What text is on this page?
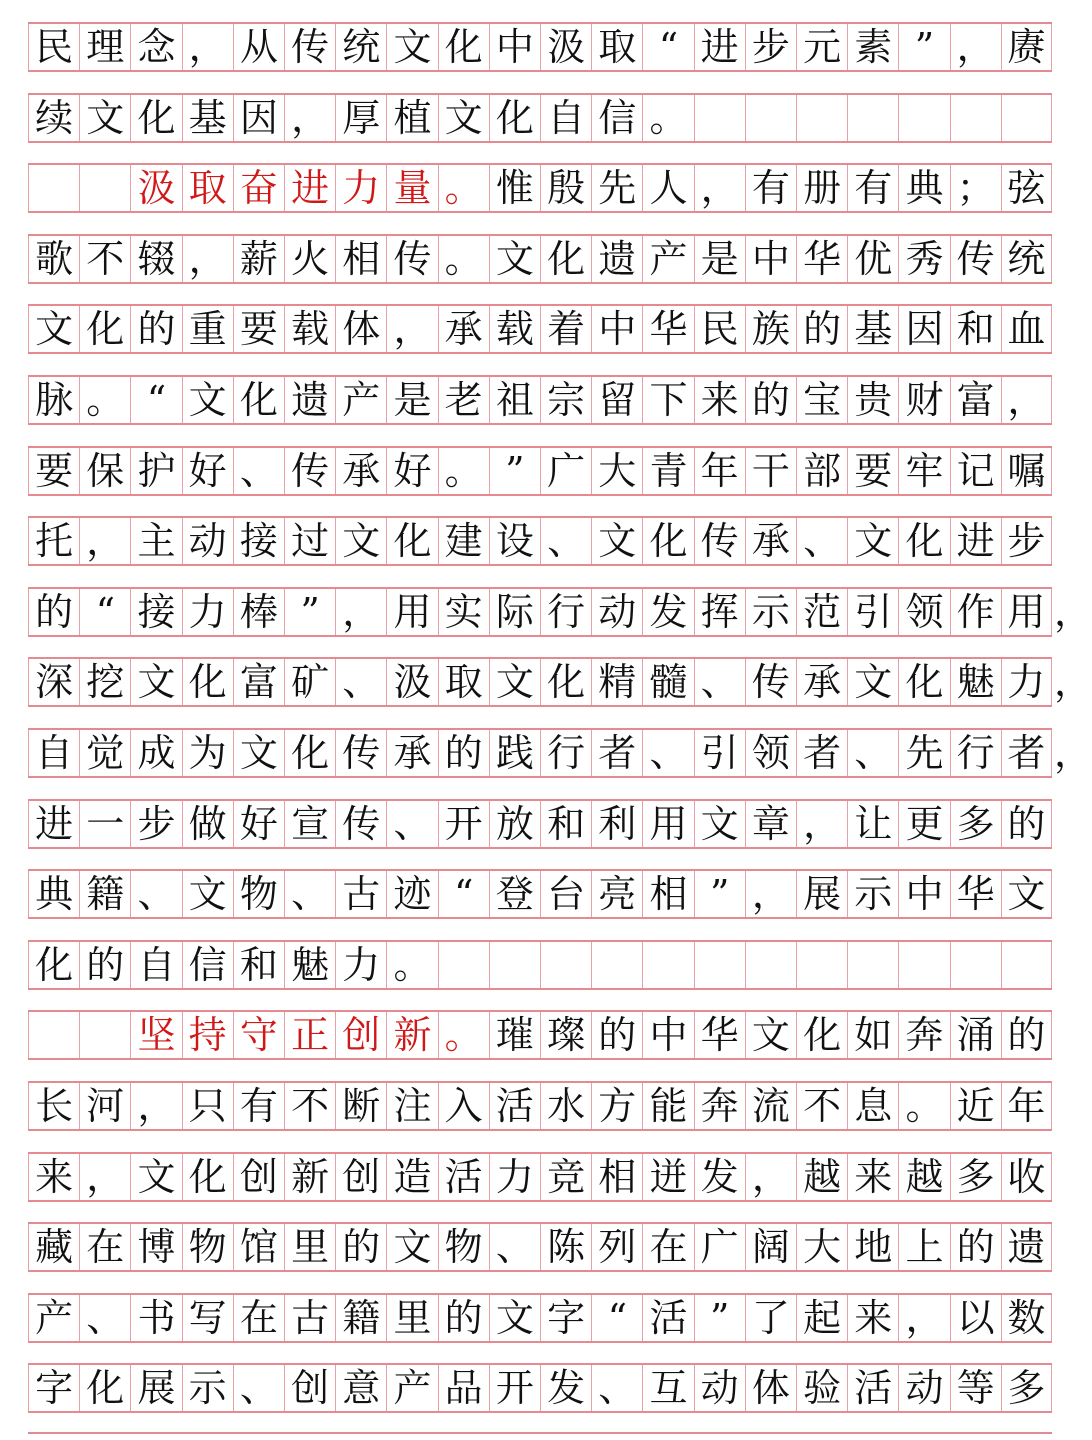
民 理 念 ， 从 传 统 文 化 中 汲 取 “ 进 步 元 素 ” ， 赓
续 文 化 基 因 ， 厚 植 文 化 自 信 。
汲 取 奋 进 力 量 。 惟 殷 先 人 ， 有 册 有 典 ； 弦
歌 不 辍 ， 薪 火 相 传 。 文 化 遗 产 是 中 华 优 秀 传 统
文 化 的 重 要 载 体 ， 承 载 着 中 华 民 族 的 基 因 和 血
脉 。 “ 文 化 遗 产 是 老 祖 宗 留 下 来 的 宝 贵 财 富 ，
要 保 护 好 、 传 承 好 。 ” 广 大 青 年 干 部 要 牢 记 嘱
托 ， 主 动 接 过 文 化 建 设 、 文 化 传 承 、 文 化 进 步
的 “ 接 力 棒 ” ， 用 实 际 行 动 发 挥 示 范 引 领 作 用 ，
深 挖 文 化 富 矿 、 汲 取 文 化 精 髓 、 传 承 文 化 魅 力 ，
自 觉 成 为 文 化 传 承 的 践 行 者 、 引 领 者 、 先 行 者 ，
进 一 步 做 好 宣 传 、 开 放 和 利 用 文 章 ， 让 更 多 的
典 籍 、 文 物 、 古 迹 “ 登 台 亮 相 ” ， 展 示 中 华 文
化 的 自 信 和 魅 力 。
坚 持 守 正 创 新 。 璀 璨 的 中 华 文 化 如 奔 涌 的
长 河 ， 只 有 不 断 注 入 活 水 方 能 奔 流 不 息 。 近 年
来 ， 文 化 创 新 创 造 活 力 竞 相 迸 发 ， 越 来 越 多 收
藏 在 博 物 馆 里 的 文 物 、 陈 列 在 广 阔 大 地 上 的 遗
产 、 书 写 在 古 籍 里 的 文 字 “ 活 ” 了 起 来 ， 以 数
字 化 展 示 、 创 意 产 品 开 发 、 互 动 体 验 活 动 等 多
